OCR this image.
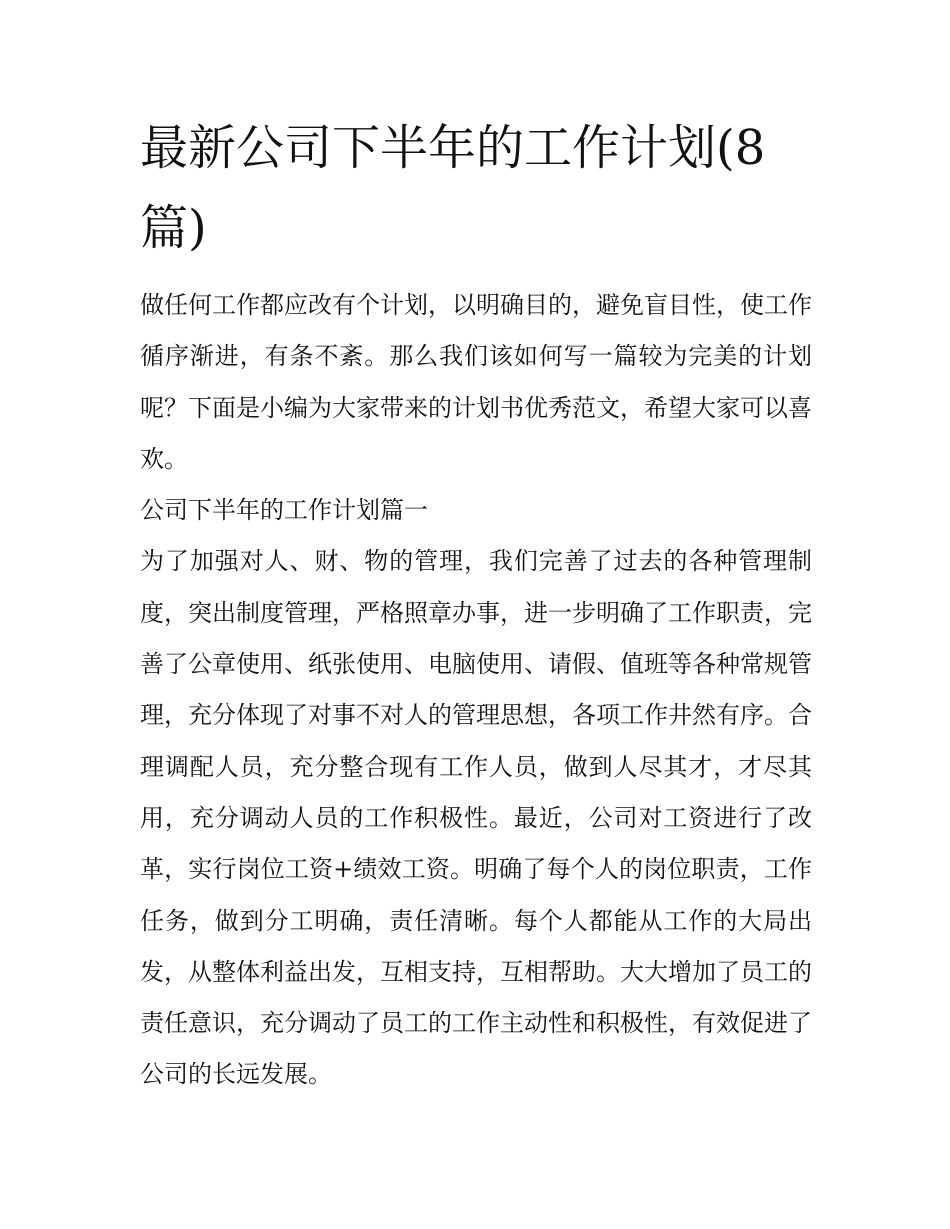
最新公司下半年的工作计划(8篇)

做任何工作都应改有个计划，以明确目的，避免盲目性，使工作循序渐进，有条不紊。那么我们该如何写一篇较为完美的计划呢？下面是小编为大家带来的计划书优秀范文，希望大家可以喜欢。

公司下半年的工作计划篇一

为了加强对人、财、物的管理，我们完善了过去的各种管理制度，突出制度管理，严格照章办事，进一步明确了工作职责，完善了公章使用、纸张使用、电脑使用、请假、值班等各种常规管理，充分体现了对事不对人的管理思想，各项工作井然有序。合理调配人员，充分整合现有工作人员，做到人尽其才，才尽其用，充分调动人员的工作积极性。最近，公司对工资进行了改革，实行岗位工资+绩效工资。明确了每个人的岗位职责，工作任务，做到分工明确，责任清晰。每个人都能从工作的大局出发，从整体利益出发，互相支持，互相帮助。大大增加了员工的责任意识，充分调动了员工的工作主动性和积极性，有效促进了公司的长远发展。
